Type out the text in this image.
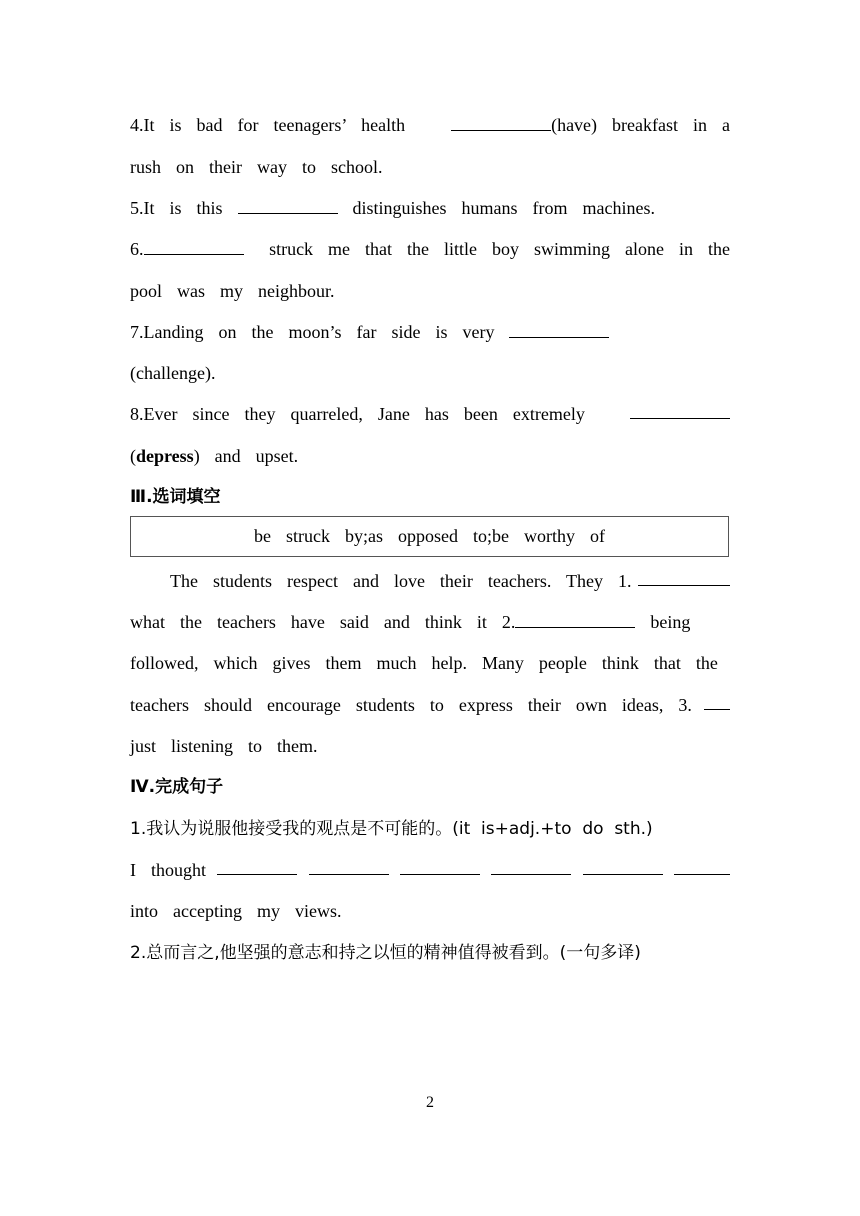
4.It  is  bad  for  teenagers’  health	(have)  breakfast  in  a
rush  on  their  way  to  school.
5.It  is  this	distinguishes  humans  from  machines.
6.	struck  me  that  the  little  boy  swimming  alone  in  the
pool  was  my  neighbour.
7.Landing  on  the  moon’s  far  side  is  very
(challenge).
8.Ever  since  they  quarreled,  Jane  has  been  extremely
(depress)  and  upset.
Ⅲ.选词填空
be  struck  by;as  opposed  to;be  worthy  of
The  students  respect  and  love  their  teachers.  They  1.
what  the  teachers  have  said  and  think  it  2.	being
followed,  which  gives  them  much  help.  Many  people  think  that  the
teachers  should  encourage  students  to  express  their  own  ideas,  3.
just  listening  to  them.
Ⅳ.完成句子
1.我认为说服他接受我的观点是不可能的。(it  is+adj.+to  do  sth.)
I  thought
into  accepting  my  views.
2.总而言之,他坚强的意志和持之以恒的精神值得被看到。(一句多译)
2
